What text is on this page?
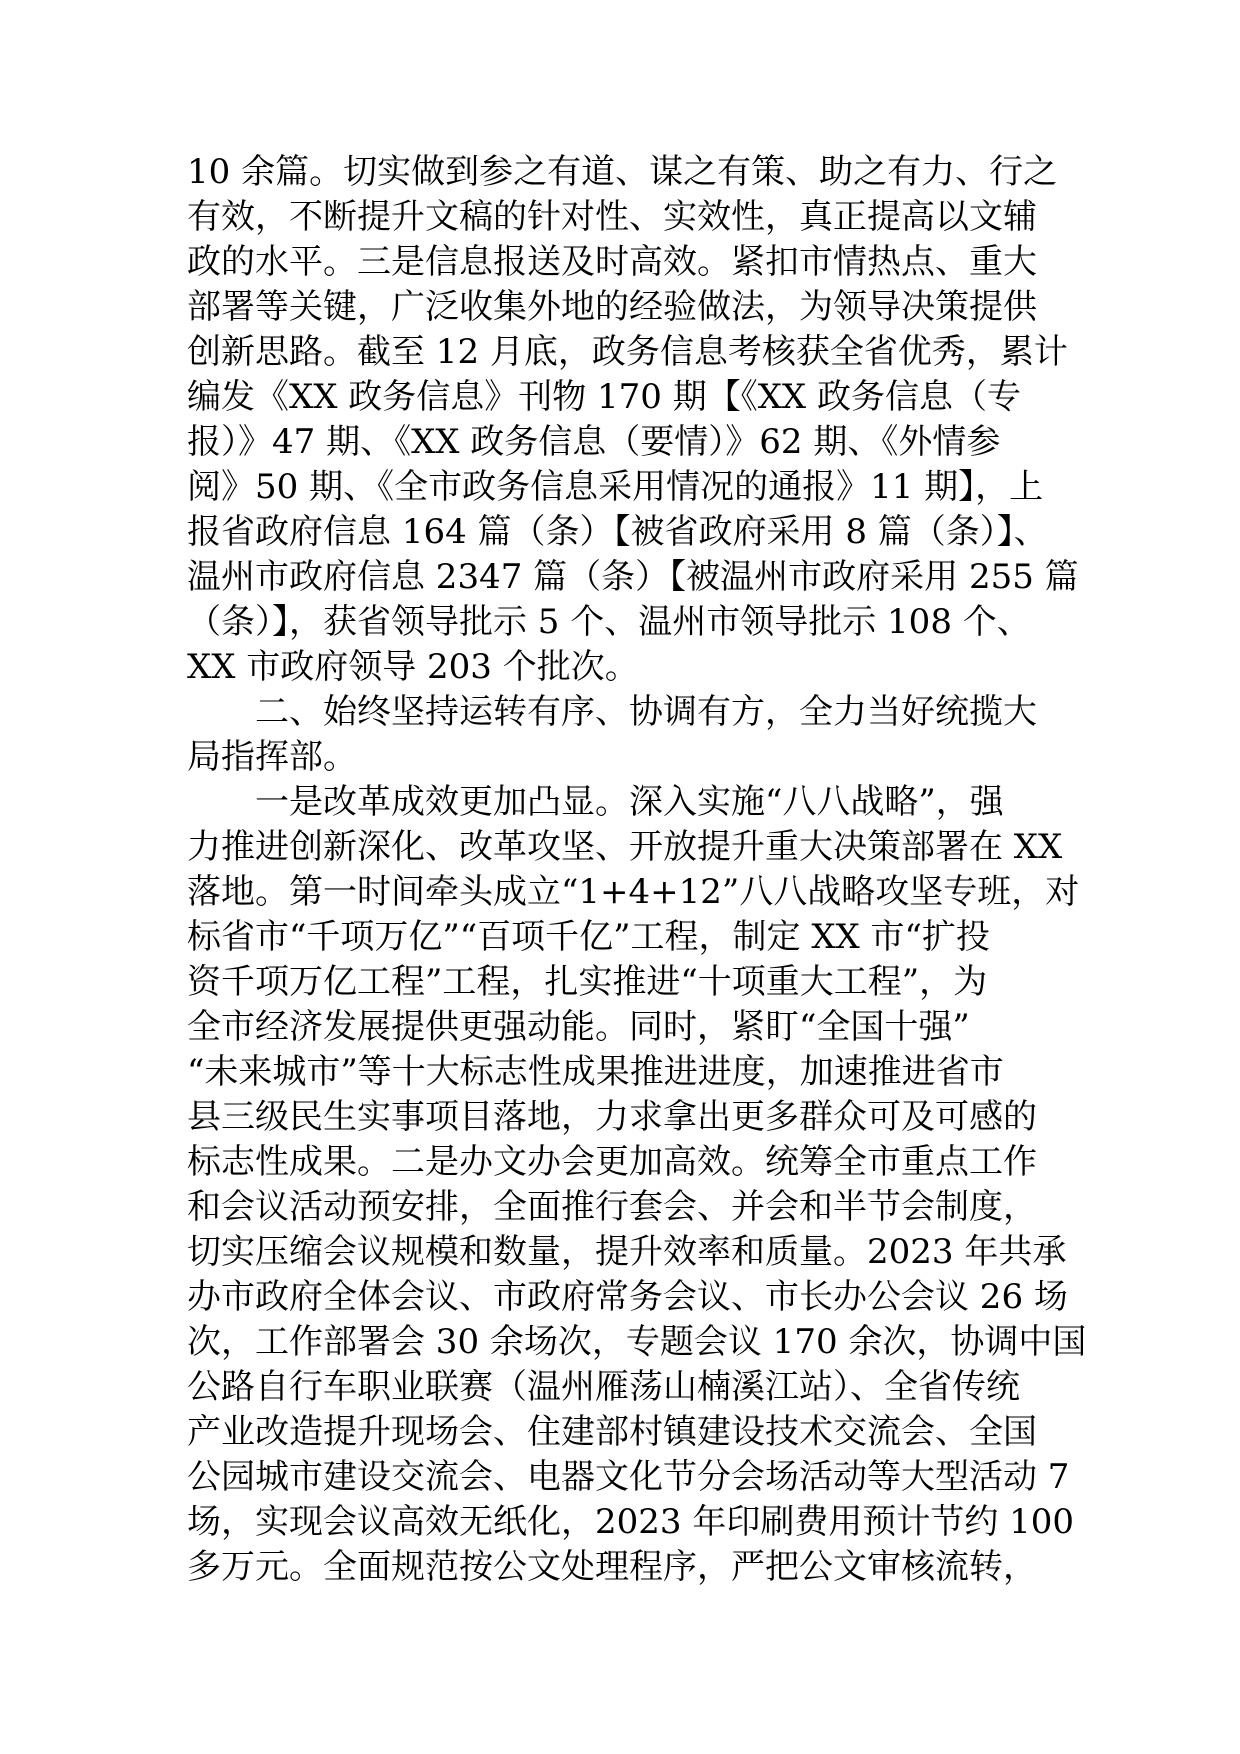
10 余篇。切实做到参之有道、谋之有策、助之有力、行之
有效，不断提升文稿的针对性、实效性，真正提高以文辅
政的水平。三是信息报送及时高效。紧扣市情热点、重大
部署等关键，广泛收集外地的经验做法，为领导决策提供
创新思路。截至 12 月底，政务信息考核获全省优秀，累计
编发《XX 政务信息》刊物 170 期【《XX 政务信息（专
报）》47 期、《XX 政务信息（要情）》62 期、《外情参
阅》50 期、《全市政务信息采用情况的通报》11 期】，上
报省政府信息 164 篇（条）【被省政府采用 8 篇（条）】、
温州市政府信息 2347 篇（条）【被温州市政府采用 255 篇
（条）】，获省领导批示 5 个、温州市领导批示 108 个、
XX 市政府领导 203 个批次。
二、始终坚持运转有序、协调有方，全力当好统揽大
局指挥部。
一是改革成效更加凸显。深入实施“八八战略”，强
力推进创新深化、改革攻坚、开放提升重大决策部署在 XX
落地。第一时间牵头成立“1+4+12”八八战略攻坚专班，对
标省市“千项万亿”“百项千亿”工程，制定 XX 市“扩投
资千项万亿工程”工程，扎实推进“十项重大工程”，为
全市经济发展提供更强动能。同时，紧盯“全国十强”
“未来城市”等十大标志性成果推进进度，加速推进省市
县三级民生实事项目落地，力求拿出更多群众可及可感的
标志性成果。二是办文办会更加高效。统筹全市重点工作
和会议活动预安排，全面推行套会、并会和半节会制度，
切实压缩会议规模和数量，提升效率和质量。2023 年共承
办市政府全体会议、市政府常务会议、市长办公会议 26 场
次，工作部署会 30 余场次，专题会议 170 余次，协调中国
公路自行车职业联赛（温州雁荡山楠溪江站）、全省传统
产业改造提升现场会、住建部村镇建设技术交流会、全国
公园城市建设交流会、电器文化节分会场活动等大型活动 7
场，实现会议高效无纸化，2023 年印刷费用预计节约 100
多万元。全面规范按公文处理程序，严把公文审核流转，
